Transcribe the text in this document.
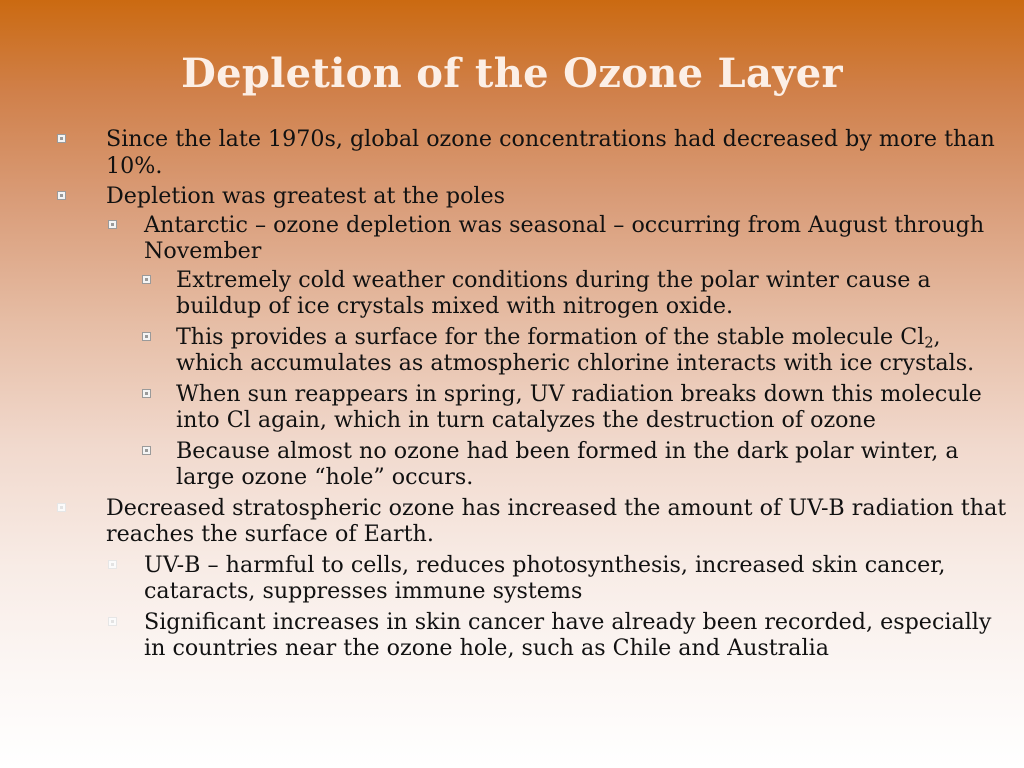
Depletion of the Ozone Layer
Since the late 1970s, global ozone concentrations had decreased by more than 10%.
Depletion was greatest at the poles
Antarctic – ozone depletion was seasonal – occurring from August through November
Extremely cold weather conditions during the polar winter cause a buildup of ice crystals mixed with nitrogen oxide.
This provides a surface for the formation of the stable molecule $Cl_2$, which accumulates as atmospheric chlorine interacts with ice crystals.
When sun reappears in spring, UV radiation breaks down this molecule into Cl again, which in turn catalyzes the destruction of ozone
Because almost no ozone had been formed in the dark polar winter, a large ozone “hole” occurs.
Decreased stratospheric ozone has increased the amount of UV-B radiation that reaches the surface of Earth.
UV-B – harmful to cells, reduces photosynthesis, increased skin cancer, cataracts, suppresses immune systems
Significant increases in skin cancer have already been recorded, especially in countries near the ozone hole, such as Chile and Australia
